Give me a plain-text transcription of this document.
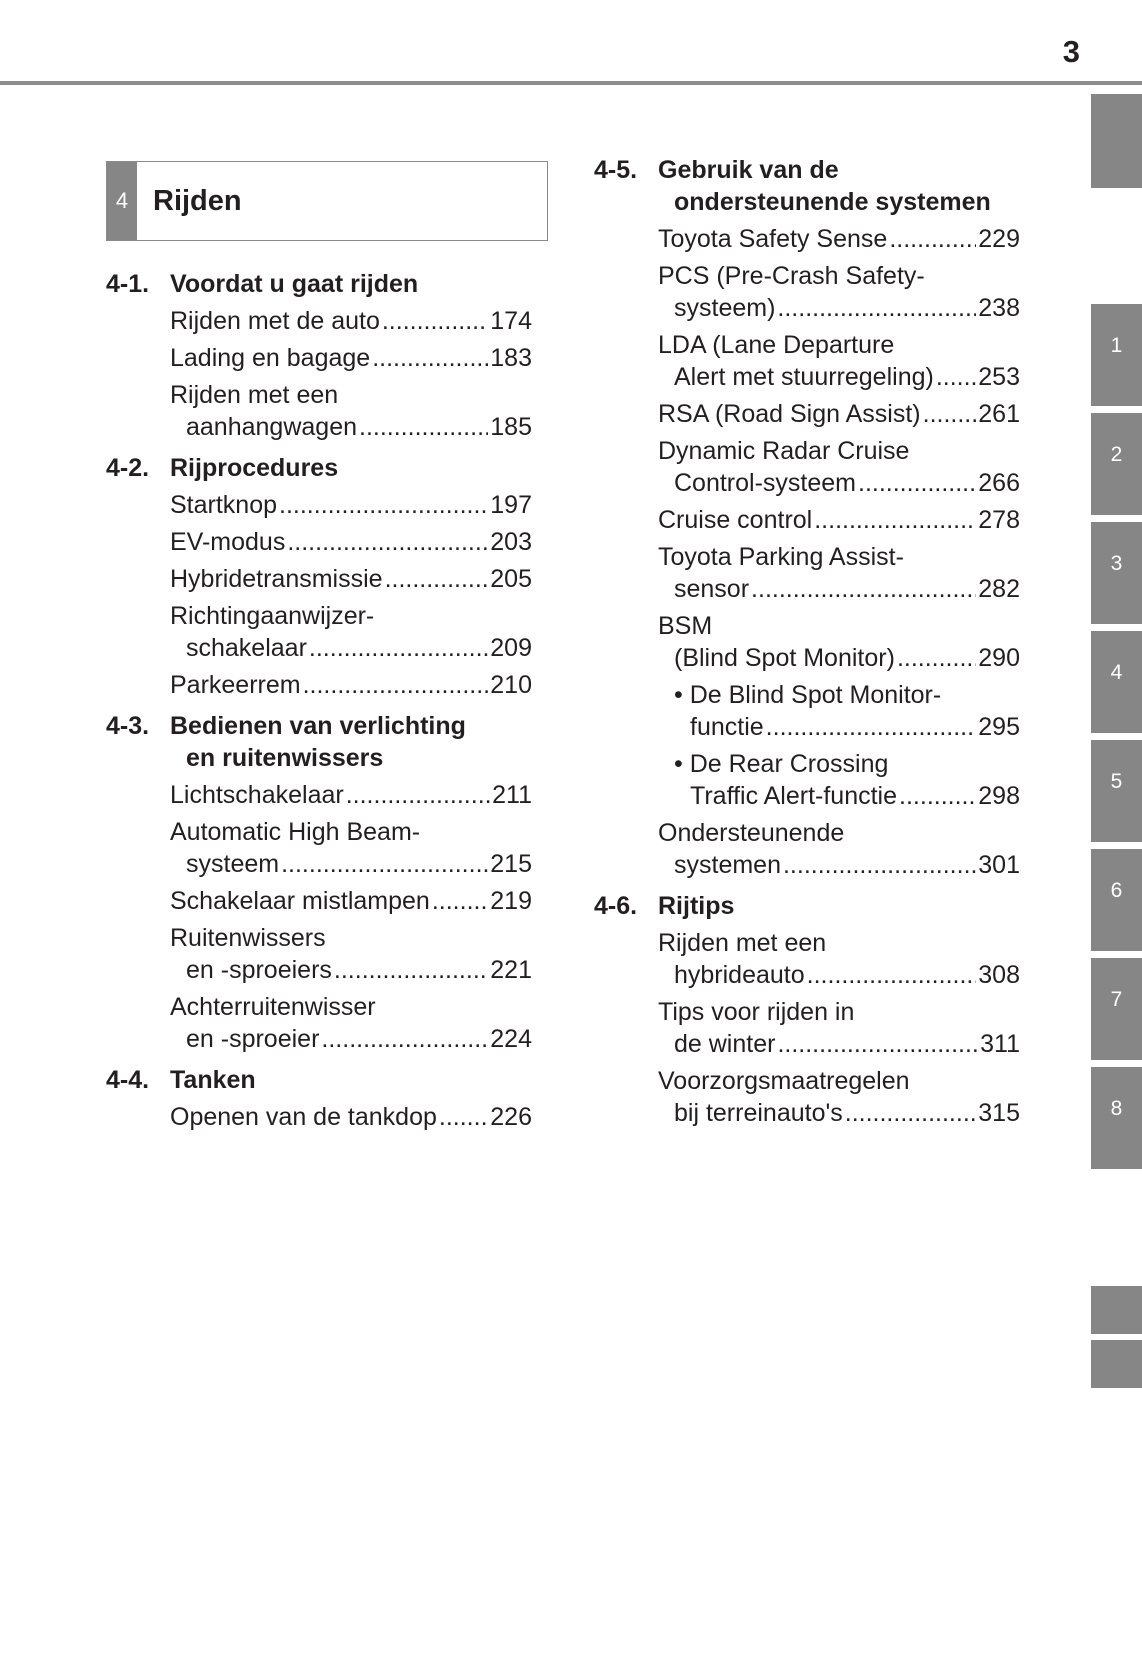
3
1
2
3
4
5
6
7
8
4 Rijden
4-1. Voordat u gaat rijden
Rijden met de auto .....	174
Lading en bagage .....	183
Rijden met een
aanhangwagen .....	185
4-2. Rijprocedures
Startknop .....	197
EV-modus .....	203
Hybridetransmissie .....	205
Richtingaanwijzer-
schakelaar .....	209
Parkeerrem .....	210
4-3. Bedienen van verlichting
en ruitenwissers
Lichtschakelaar .....	211
Automatic High Beam-
systeem .....	215
Schakelaar mistlampen ..... 219
Ruitenwissers
en -sproeiers .....	221
Achterruitenwisser
en -sproeier .....	224
4-4. Tanken
Openen van de tankdop ..... 226
4-5. Gebruik van de
ondersteunende systemen
Toyota Safety Sense .....	229
PCS (Pre-Crash Safety-
systeem) .....	238
LDA (Lane Departure
Alert met stuurregeling) ..... 253
RSA (Road Sign Assist) ..... 261
Dynamic Radar Cruise
Control-systeem .....	266
Cruise control .....	278
Toyota Parking Assist-
sensor .....	282
BSM
(Blind Spot Monitor) .....	290
• De Blind Spot Monitor-
functie .....	295
• De Rear Crossing
Traffic Alert-functie .....	298
Ondersteunende
systemen .....	301
4-6. Rijtips
Rijden met een
hybrideauto .....	308
Tips voor rijden in
de winter .....	311
Voorzorgsmaatregelen
bij terreinauto's .....	315
